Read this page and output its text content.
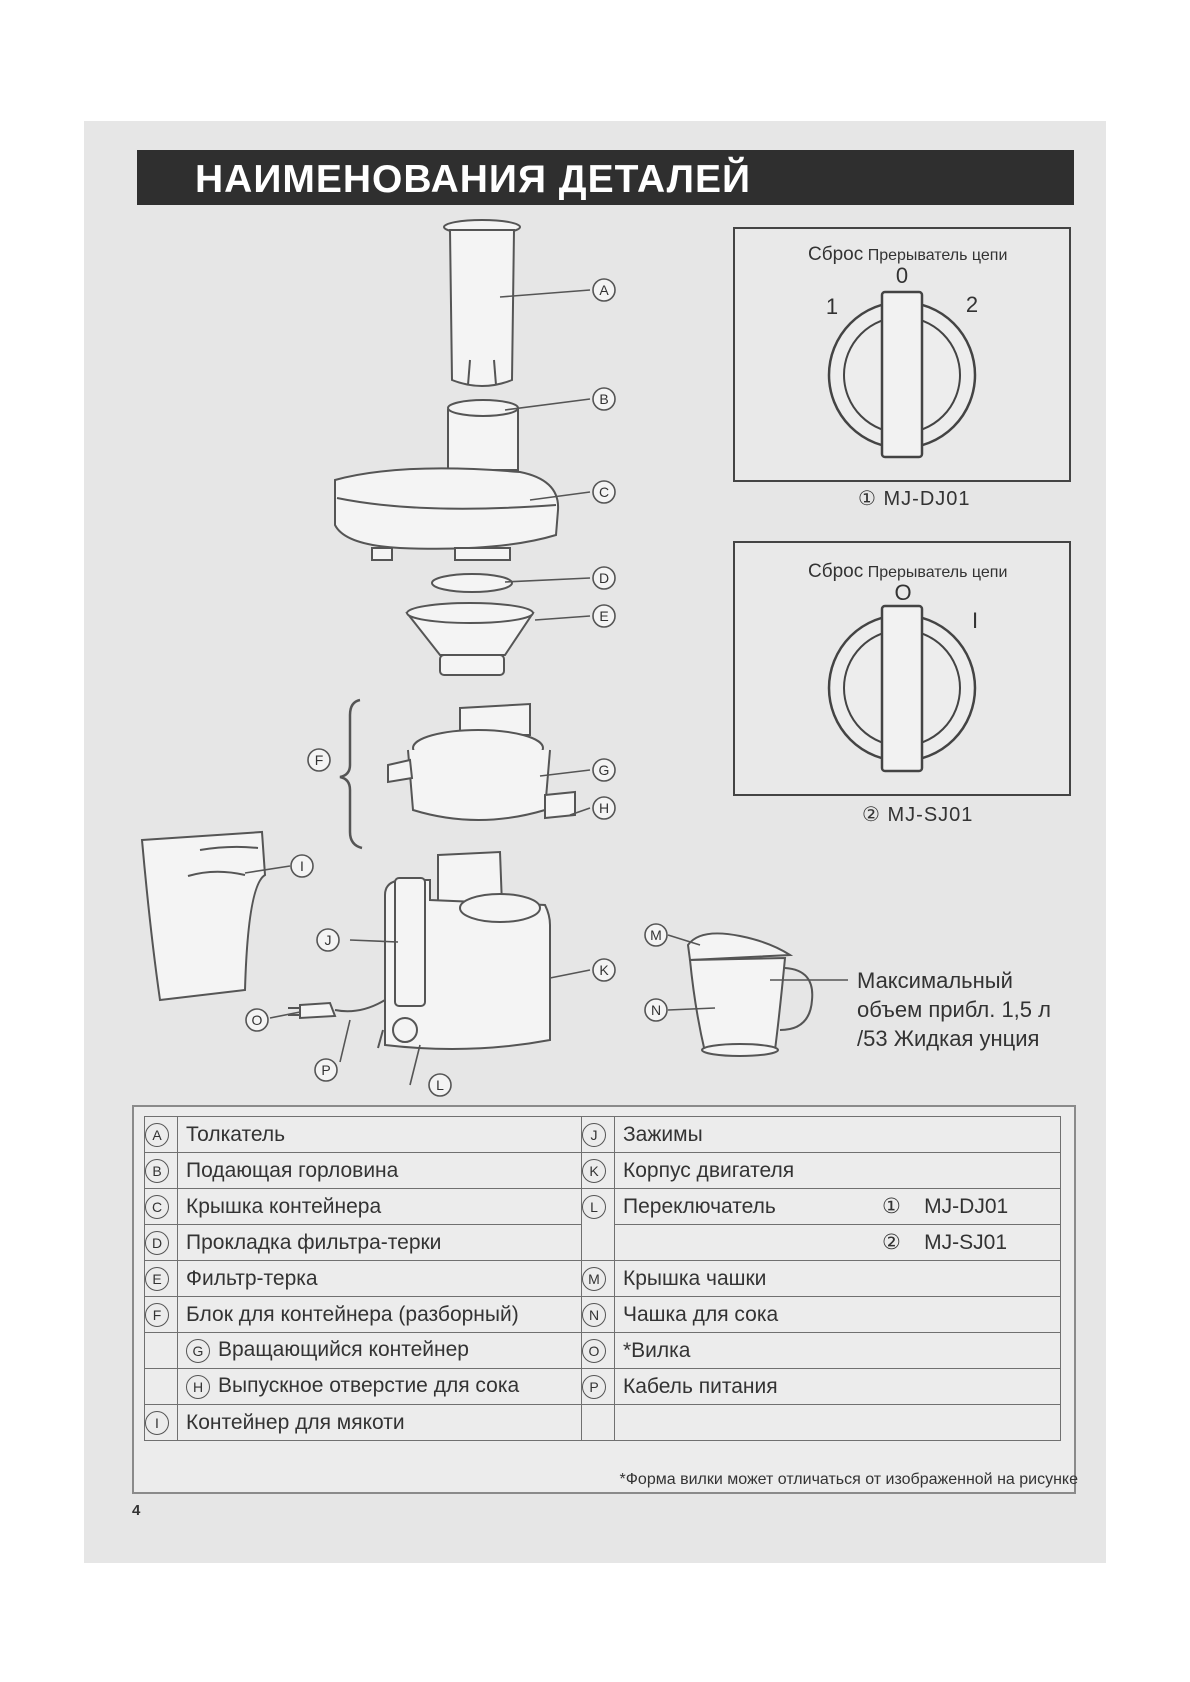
НАИМЕНОВАНИЯ ДЕТАЛЕЙ
A
B
C
D
E
F
G
H
I
J
K
L
M
N
O
P
0
1	2
O
I
Сброс Прерыватель цепи
① MJ-DJ01
Сброс Прерыватель цепи
② MJ-SJ01
Максимальный
объем прибл. 1,5 л
/53 Жидкая унция
A	Толкатель	J	Зажимы	
B	Подающая горловина	K	Корпус двигателя	
C	Крышка контейнера	L	Переключатель	① MJ-DJ01
D	Прокладка фильтра-терки			② MJ-SJ01
E	Фильтр-терка	M	Крышка чашки	
F	Блок для контейнера (разборный)	N	Чашка для сока	
	G Вращающийся контейнер	O	*Вилка	
	H Выпускное отверстие для сока	P	Кабель питания	
I	Контейнер для мякоти			
*Форма вилки может отличаться от изображенной на рисунке
4
